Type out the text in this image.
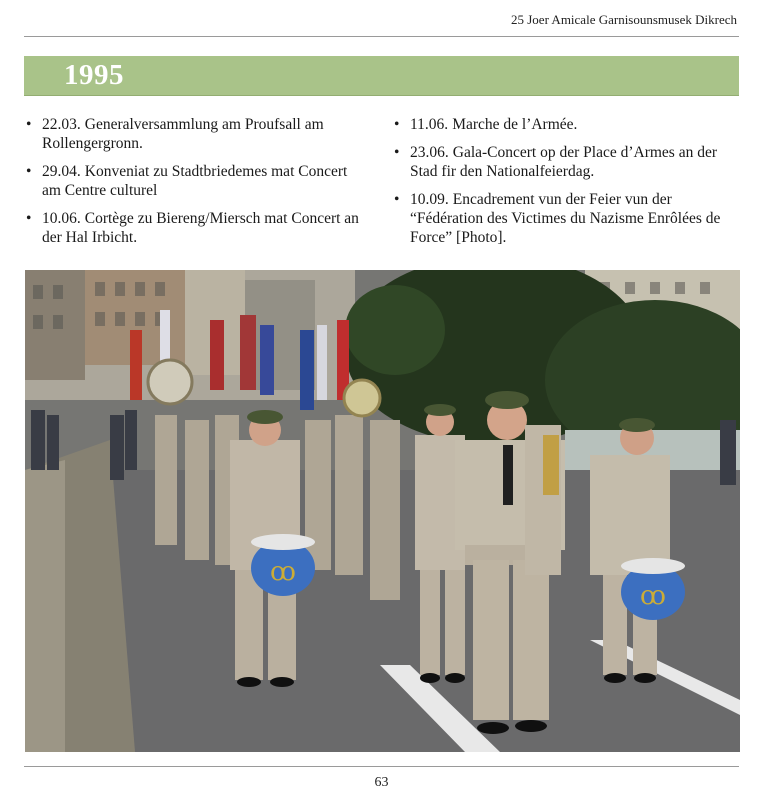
25 Joer Amicale Garnisounsmusek Dikrech
1995
• 22.03. Generalversammlung am Proufsall am Rollengergronn.
• 29.04. Konveniat zu Stadtbriedemes mat Concert am Centre culturel
• 10.06. Cortège zu Biereng/Miersch mat Concert an der Hal Irbicht.
• 11.06. Marche de l’Armée.
• 23.06. Gala-Concert op der Place d’Armes an der Stad fir den Nationalfeierdag.
• 10.09. Encadrement vun der Feier vun der “Fédération des Victimes du Nazisme Enrôlées de Force” [Photo].
ꝏ
ꝏ
63
